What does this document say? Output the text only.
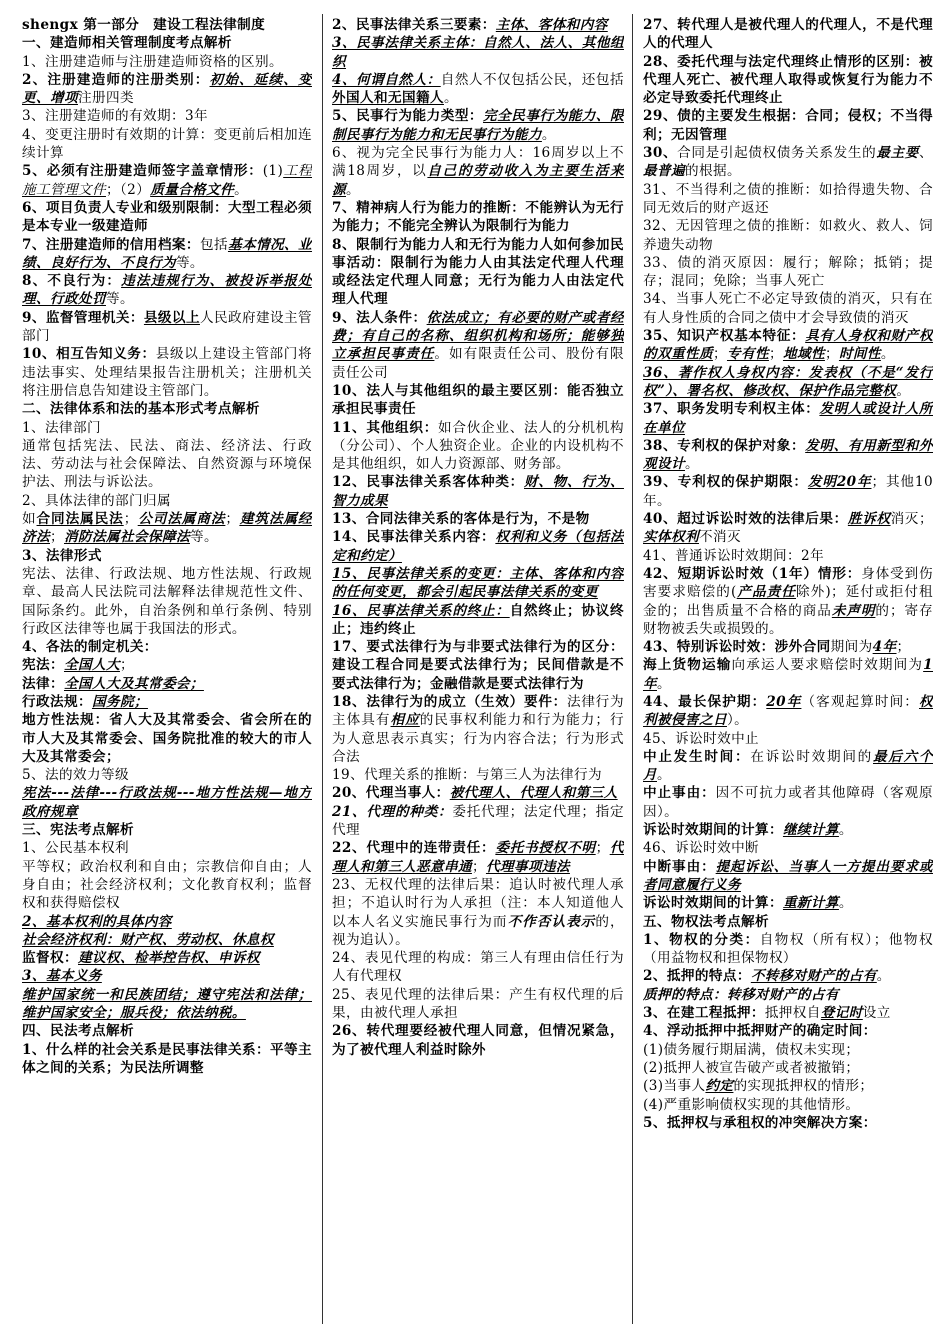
shengx 第一部分　建设工程法律制度

一、建造师相关管理制度考点解析

1、注册建造师与注册建造师资格的区别。

2、注册建造师的注册类别：初始、延续、变更、增项注册四类

3、注册建造师的有效期：3年

4、变更注册时有效期的计算：变更前后相加连续计算

5、必须有注册建造师签字盖章情形：(1)工程施工管理文件；（2）质量合格文件。

6、项目负责人专业和级别限制：大型工程必须是本专业一级建造师

7、注册建造师的信用档案：包括基本情况、业绩、良好行为、不良行为等。

8、不良行为：违法违规行为、被投诉举报处理、行政处罚等。

9、监督管理机关：县级以上人民政府建设主管部门

10、相互告知义务：县级以上建设主管部门将违法事实、处理结果报告注册机关；注册机关将注册信息告知建设主管部门。

二、法律体系和法的基本形式考点解析

1、法律部门

通常包括宪法、民法、商法、经济法、行政法、劳动法与社会保障法、自然资源与环境保护法、刑法与诉讼法。

2、具体法律的部门归属

如合同法属民法；公司法属商法；建筑法属经济法；消防法属社会保障法等。

3、法律形式

宪法、法律、行政法规、地方性法规、行政规章、最高人民法院司法解释法律规范性文件、国际条约。此外，自治条例和单行条例、特别行政区法律等也属于我国法的形式。

4、各法的制定机关：

宪法：全国人大；

法律：全国人大及其常委会；

行政法规：国务院；

地方性法规：省人大及其常委会、省会所在的市人大及其常委会、国务院批准的较大的市人大及其常委会；

5、法的效力等级

宪法---法律---行政法规---地方性法规—地方政府规章

三、宪法考点解析

1、公民基本权利

平等权；政治权利和自由；宗教信仰自由；人身自由；社会经济权利；文化教育权利；监督权和获得赔偿权

2、基本权利的具体内容

社会经济权利：财产权、劳动权、休息权

监督权：建议权、检举控告权、申诉权

3、基本义务

维护国家统一和民族团结；遵守宪法和法律；维护国家安全；服兵役；依法纳税。

四、民法考点解析

1、什么样的社会关系是民事法律关系：平等主体之间的关系；为民法所调整

2、民事法律关系三要素：主体、客体和内容

3、民事法律关系主体：自然人、法人、其他组织

4、何谓自然人：自然人不仅包括公民，还包括外国人和无国籍人。

5、民事行为能力类型：完全民事行为能力、限制民事行为能力和无民事行为能力。

6、视为完全民事行为能力人：16周岁以上不满18周岁，以自己的劳动收入为主要生活来源。

7、精神病人行为能力的推断：不能辨认为无行为能力；不能完全辨认为限制行为能力

8、限制行为能力人和无行为能力人如何参加民事活动：限制行为能力人由其法定代理人代理或经法定代理人同意；无行为能力人由法定代理人代理

9、法人条件：依法成立；有必要的财产或者经费；有自己的名称、组织机构和场所；能够独立承担民事责任。如有限责任公司、股份有限责任公司

10、法人与其他组织的最主要区别：能否独立承担民事责任

11、其他组织：如合伙企业、法人的分机机构（分公司）、个人独资企业。企业的内设机构不是其他组织，如人力资源部、财务部。

12、民事法律关系客体种类：财、物、行为、智力成果

13、合同法律关系的客体是行为，不是物

14、民事法律关系内容：权利和义务（包括法定和约定）

15、民事法律关系的变更：主体、客体和内容的任何变更，都会引起民事法律关系的变更

16、民事法律关系的终止：自然终止；协议终止；违约终止

17、要式法律行为与非要式法律行为的区分：建设工程合同是要式法律行为；民间借款是不要式法律行为；金融借款是要式法律行为

18、法律行为的成立（生效）要件：法律行为主体具有相应的民事权利能力和行为能力；行为人意思表示真实；行为内容合法；行为形式合法

19、代理关系的推断：与第三人为法律行为

20、代理当事人：被代理人、代理人和第三人

21、代理的种类：委托代理；法定代理；指定代理

22、代理中的连带责任：委托书授权不明；代理人和第三人恶意串通；代理事项违法

23、无权代理的法律后果：追认时被代理人承担；不追认时行为人承担（注：本人知道他人以本人名义实施民事行为而不作否认表示的，视为追认）。

24、表见代理的构成：第三人有理由信任行为人有代理权

25、表见代理的法律后果：产生有权代理的后果，由被代理人承担

26、转代理要经被代理人同意，但情况紧急，为了被代理人利益时除外

27、转代理人是被代理人的代理人，不是代理人的代理人

28、委托代理与法定代理终止情形的区别：被代理人死亡、被代理人取得或恢复行为能力不必定导致委托代理终止

29、债的主要发生根据：合同；侵权；不当得利；无因管理

30、合同是引起债权债务关系发生的最主要、最普遍的根据。

31、不当得利之债的推断：如拾得遗失物、合同无效后的财产返还

32、无因管理之债的推断：如救火、救人、饲养遗失动物

33、债的消灭原因：履行；解除；抵销；提存；混同；免除；当事人死亡

34、当事人死亡不必定导致债的消灭，只有在有人身性质的合同之债中才会导致债的消灭

35、知识产权基本特征：具有人身权和财产权的双重性质；专有性；地域性；时间性。

36、著作权人身权内容：发表权（不是“发行权”）、署名权、修改权、保护作品完整权。

37、职务发明专利权主体：发明人或设计人所在单位

38、专利权的保护对象：发明、有用新型和外观设计。

39、专利权的保护期限：发明20年；其他10年。

40、超过诉讼时效的法律后果：胜诉权消灭；实体权利不消灭

41、普通诉讼时效期间：2年

42、短期诉讼时效（1年）情形：身体受到伤害要求赔偿的(产品责任除外)；延付或拒付租金的；出售质量不合格的商品未声明的；寄存财物被丢失或损毁的。

43、特别诉讼时效：涉外合同期间为4年；

海上货物运输向承运人要求赔偿时效期间为1年。

44、最长保护期：20年（客观起算时间：权利被侵害之日）。

45、诉讼时效中止

中止发生时间：在诉讼时效期间的最后六个月。

中止事由：因不可抗力或者其他障碍（客观原因）。

诉讼时效期间的计算：继续计算。

46、诉讼时效中断

中断事由：提起诉讼、当事人一方提出要求或者同意履行义务

诉讼时效期间的计算：重新计算。

五、物权法考点解析

1、物权的分类：自物权（所有权）；他物权（用益物权和担保物权）

2、抵押的特点：不转移对财产的占有。

质押的特点：转移对财产的占有

3、在建工程抵押：抵押权自登记时设立

4、浮动抵押中抵押财产的确定时间：

(1)债务履行期届满，债权未实现；

(2)抵押人被宣告破产或者被撤销；

(3)当事人约定的实现抵押权的情形；

(4)严重影响债权实现的其他情形。

5、抵押权与承租权的冲突解决方案：
